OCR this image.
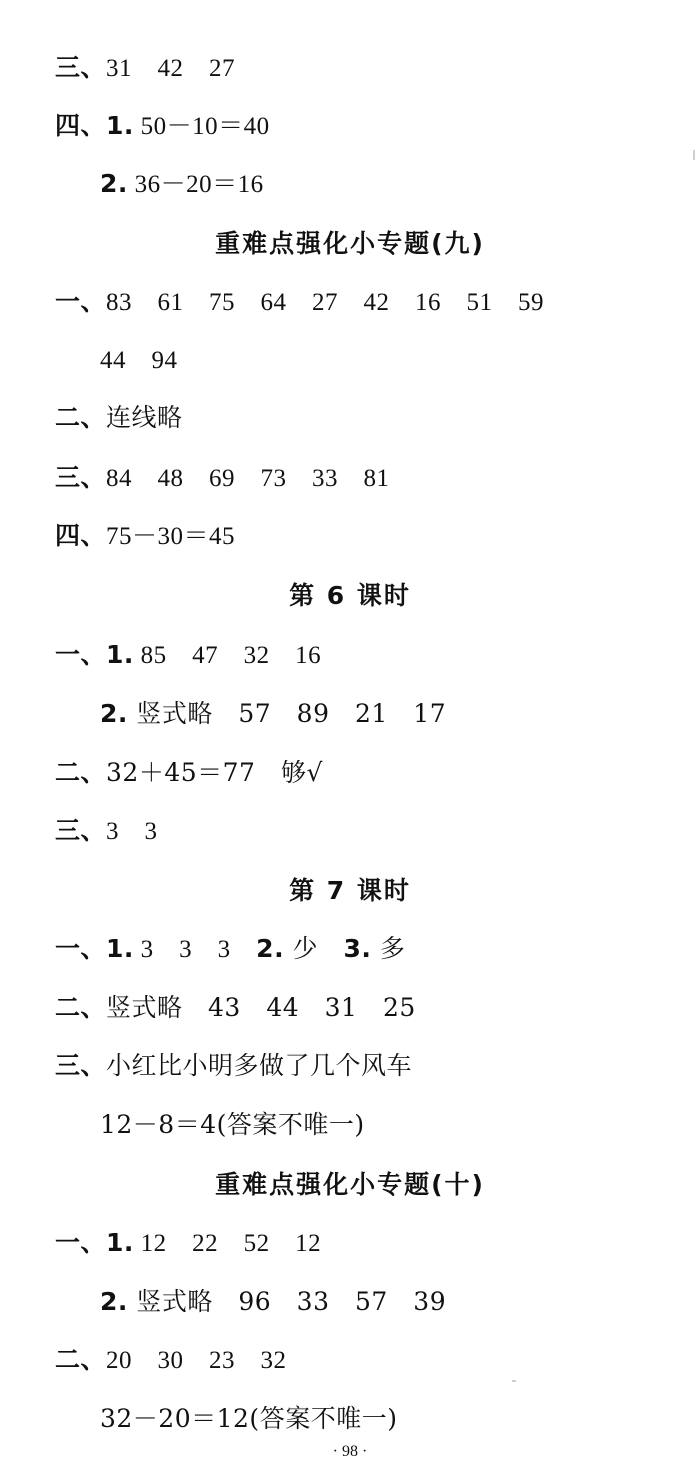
三、31　42　27
四、1. 50－10＝40
2. 36－20＝16
重难点强化小专题(九)
一、83　61　75　64　27　42　16　51　59
44　94
二、连线略
三、84　48　69　73　33　81
四、75－30＝45
第 6 课时
一、1. 85　47　32　16
2. 竖式略　57　89　21　17
二、32＋45＝77　够√
三、3　3
第 7 课时
一、1. 3　3　3　2. 少　3. 多
二、竖式略　43　44　31　25
三、小红比小明多做了几个风车
12－8＝4(答案不唯一)
重难点强化小专题(十)
一、1. 12　22　52　12
2. 竖式略　96　33　57　39
二、20　30　23　32
32－20＝12(答案不唯一)
· 98 ·
